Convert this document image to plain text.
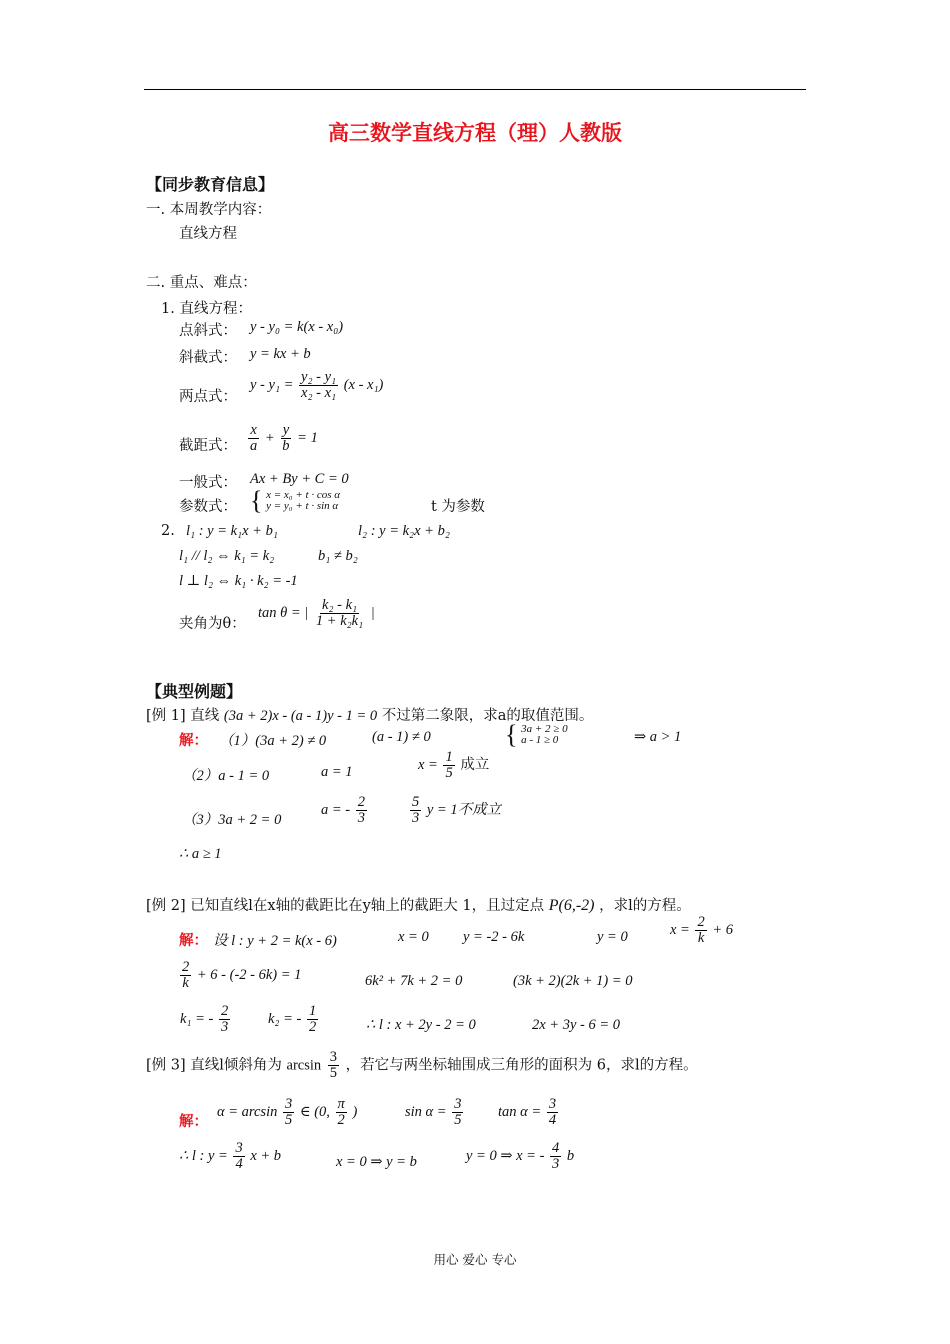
高三数学直线方程（理）人教版
【同步教育信息】
一. 本周教学内容：
直线方程
二. 重点、难点：
1. 直线方程：
点斜式： y - y₀ = k(x - x₀)
斜截式： y = kx + b
两点式：
$y - y_1 = \frac{\text{y₂ - y₁}}{\text{x₂ - x₁}} (x - x_1)$
截距式： $\frac{x}{a} + \frac{y}{b} = 1$
一般式： Ax + By + C = 0
参数式： { x = x₀ + t · cos α
y = y₀ + t · sin α	t 为参数
2. l₁ : y = k₁x + b₁	l₂ : y = k₂x + b₂
l₁ // l₂ ⇔ k₁ = k₂	b₁ ≠ b₂
l ⊥ l₂ ⇔ k₁ · k₂ = -1
夹角为θ：
tan θ = | $\frac{\text{k₂ - k₁}}{\text{1 + k₂k₁}}$ |
【典型例题】
[例 1] 直线 (3a + 2)x - (a - 1)y - 1 = 0 不过第二象限，求a的取值范围。
解： （1）(3a + 2) ≠ 0	(a - 1) ≠ 0	{ 3a + 2 ≥ 0
a - 1 ≥ 0	⇒ a > 1
（2）a - 1 = 0	a = 1	$x = \frac{1}{5}$ 成立
（3）3a + 2 = 0
a = - $\frac{2}{3}$	$\frac{5}{3}$ y = 1不成立
∴ a ≥ 1
[例 2] 已知直线l在x轴的截距比在y轴上的截距大 1，且过定点 P(6,-2) ，求l的方程。
解： 设 l : y + 2 = k(x - 6)	x = 0 y = -2 - 6k	y = 0	$x = \frac{2}{k} + 6$
$\frac{2}{k} + 6 - (-2 - 6k) = 1$	6k² + 7k + 2 = 0	(3k + 2)(2k + 1) = 0
k₁ = - $\frac{2}{3}$	k₂ = - $\frac{1}{2}$	∴ l : x + 2y - 2 = 0	2x + 3y - 6 = 0
[例 3] 直线l倾斜角为 $\arcsin \frac{3}{5}$ ，若它与两坐标轴围成三角形的面积为 6，求l的方程。
解：
$\alpha = \arcsin \frac{3}{5}$ ∈ (0, $\frac{\pi}{2}$ )	$\sin \alpha = \frac{3}{5}$ $\tan \alpha = \frac{3}{4}$
∴ l : $y = \frac{3}{4}$ x + b	x = 0 ⇒ y = b	y = 0 ⇒ x = - $\frac{4}{3}$ b
用心 爱心 专心
